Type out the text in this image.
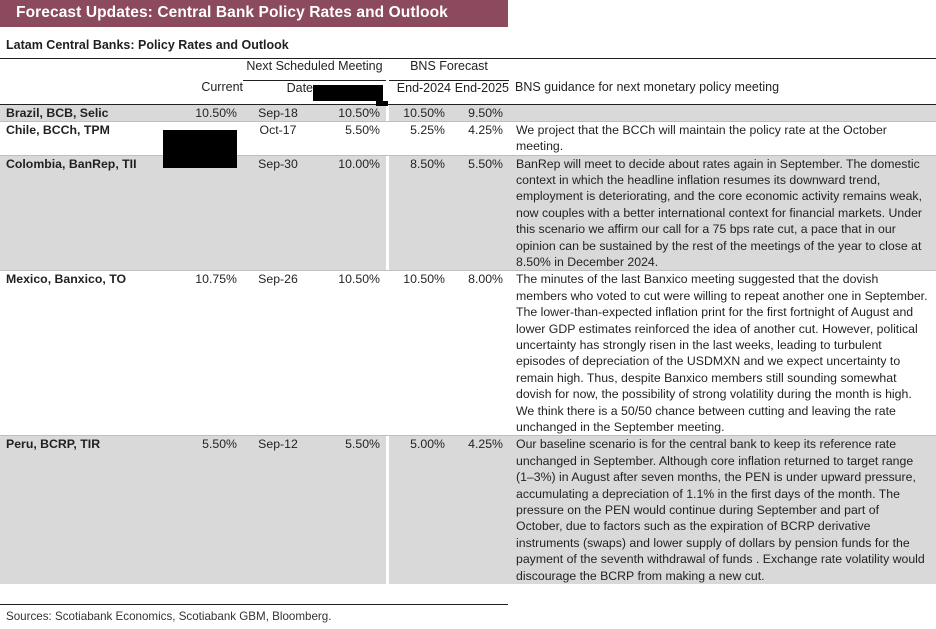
Forecast Updates: Central Bank Policy Rates and Outlook
Latam Central Banks: Policy Rates and Outlook

		Next Scheduled Meeting			BNS Forecast		
	Current	Date			End-2024	End-2025	BNS guidance for next monetary policy meeting

Brazil, BCB, Selic	10.50%	Sep-18	10.50%		10.50%	9.50%	

Chile, BCCh, TPM		Oct-17	5.50%		5.25%	4.25%	We project that the BCCh will maintain the policy rate at the October meeting.

Colombia, BanRep, TII		Sep-30	10.00%		8.50%	5.50%	BanRep will meet to decide about rates again in September. The domestic context in which the headline inflation resumes its downward trend, employment is deteriorating, and the core economic activity remains weak, now couples with a better international context for financial markets. Under this scenario we affirm our call for a 75 bps rate cut, a pace that in our opinion can be sustained by the rest of the meetings of the year to close at 8.50% in December 2024.

Mexico, Banxico, TO	10.75%	Sep-26	10.50%		10.50%	8.00%	The minutes of the last Banxico meeting suggested that the dovish members who voted to cut were willing to repeat another one in September. The lower-than-expected inflation print for the first fortnight of August and lower GDP estimates reinforced the idea of another cut. However, political uncertainty has strongly risen in the last weeks, leading to turbulent episodes of depreciation of the USDMXN and we expect uncertainty to remain high. Thus, despite Banxico members still sounding somewhat dovish for now, the possibility of strong volatility during the month is high. We think there is a 50/50 chance between cutting and leaving the rate unchanged in the September meeting.

Peru, BCRP, TIR	5.50%	Sep-12	5.50%		5.00%	4.25%	Our baseline scenario is for the central bank to keep its reference rate unchanged in September. Although core inflation returned to target range (1–3%) in August after seven months, the PEN is under upward pressure, accumulating a depreciation of 1.1% in the first days of the month. The pressure on the PEN would continue during September and part of October, due to factors such as the expiration of BCRP derivative instruments (swaps) and lower supply of dollars by pension funds for the payment of the seventh withdrawal of funds . Exchange rate volatility would discourage the BCRP from making a new cut.
Sources: Scotiabank Economics, Scotiabank GBM, Bloomberg.
